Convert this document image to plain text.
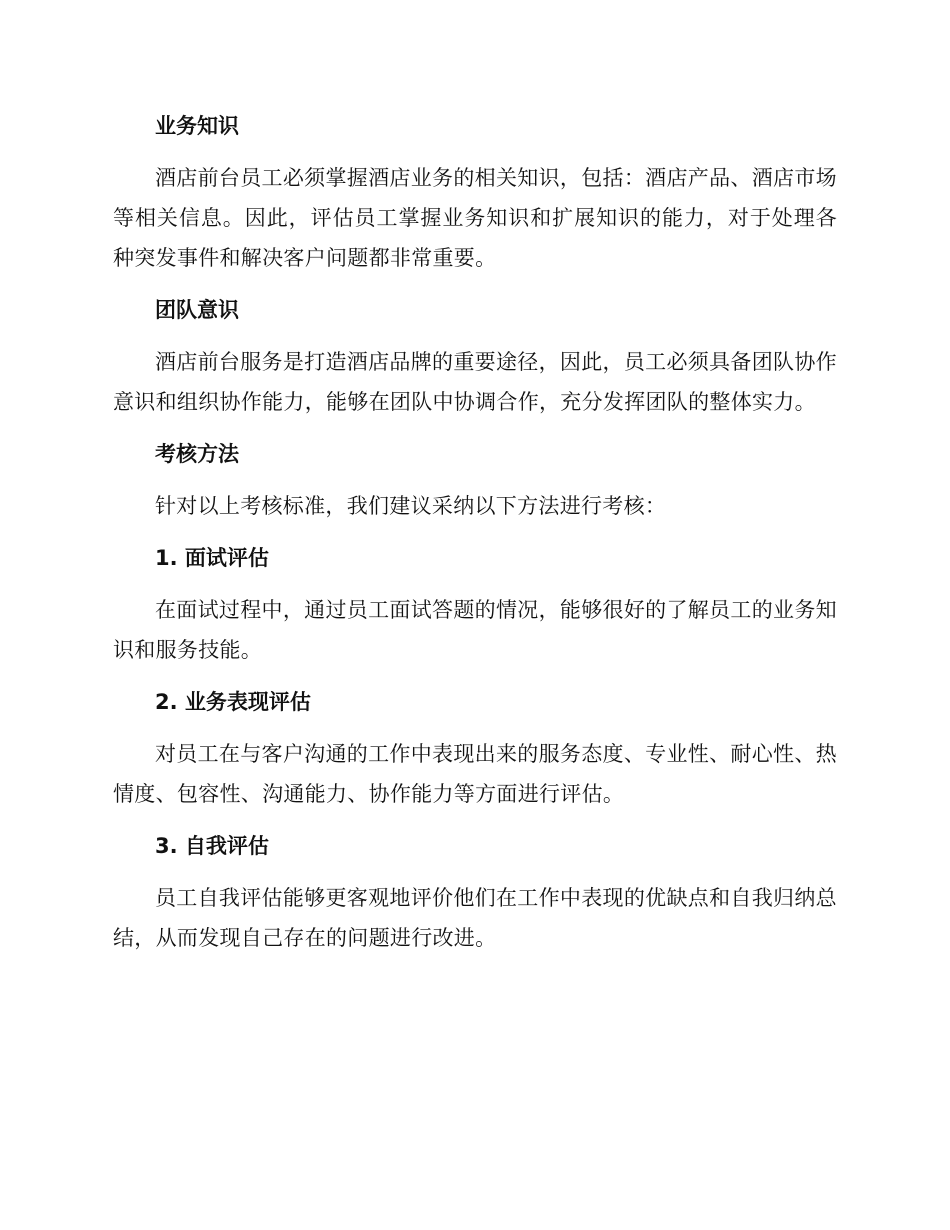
业务知识

酒店前台员工必须掌握酒店业务的相关知识，包括：酒店产品、酒店市场等相关信息。因此，评估员工掌握业务知识和扩展知识的能力，对于处理各种突发事件和解决客户问题都非常重要。

团队意识

酒店前台服务是打造酒店品牌的重要途径，因此，员工必须具备团队协作意识和组织协作能力，能够在团队中协调合作，充分发挥团队的整体实力。

考核方法

针对以上考核标准，我们建议采纳以下方法进行考核：

1. 面试评估

在面试过程中，通过员工面试答题的情况，能够很好的了解员工的业务知识和服务技能。

2. 业务表现评估

对员工在与客户沟通的工作中表现出来的服务态度、专业性、耐心性、热情度、包容性、沟通能力、协作能力等方面进行评估。

3. 自我评估

员工自我评估能够更客观地评价他们在工作中表现的优缺点和自我归纳总结，从而发现自己存在的问题进行改进。
